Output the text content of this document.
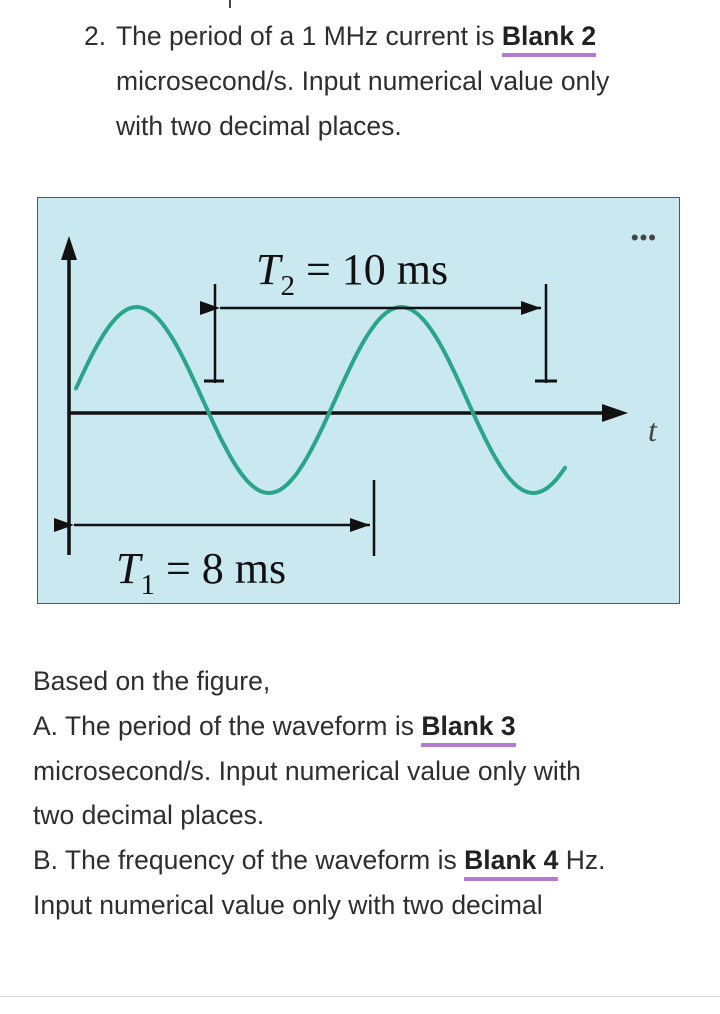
2. The period of a 1 MHz current is Blank 2
microsecond/s. Input numerical value only
with two decimal places.
$T_2 = 10$ ms
$T_1 = 8$ ms
t
•••
Based on the figure,
A. The period of the waveform is Blank 3
microsecond/s. Input numerical value only with
two decimal places.
B. The frequency of the waveform is Blank 4 Hz.
Input numerical value only with two decimal
